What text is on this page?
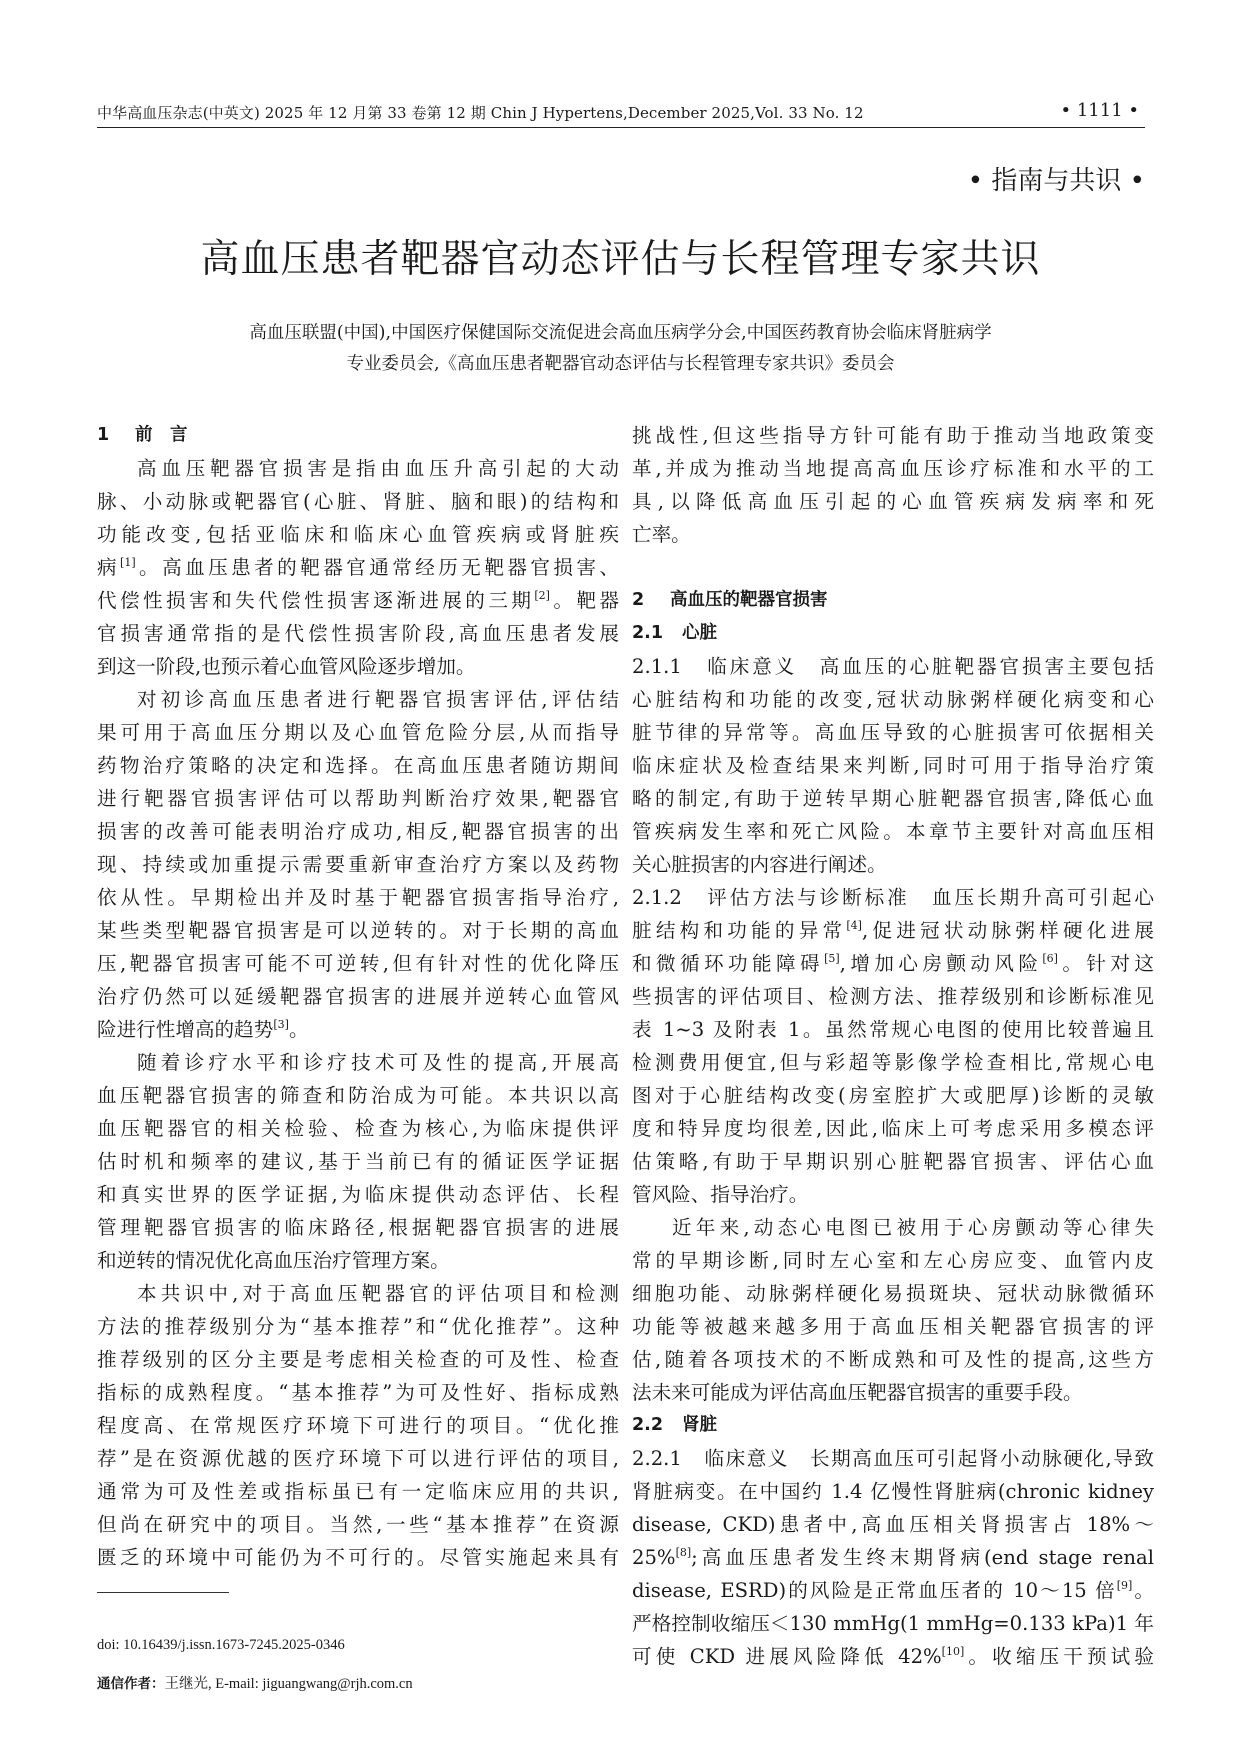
中华高血压杂志(中英文) 2025 年 12 月第 33 卷第 12 期 Chin J Hypertens,December 2025,Vol. 33 No. 12	• 1111 •
• 指南与共识 •
高血压患者靶器官动态评估与长程管理专家共识
高血压联盟(中国),中国医疗保健国际交流促进会高血压病学分会,中国医药教育协会临床肾脏病学
专业委员会,《高血压患者靶器官动态评估与长程管理专家共识》委员会
1 前　言
高血压靶器官损害是指由血压升高引起的大动
脉、小动脉或靶器官(心脏、肾脏、脑和眼)的结构和
功能改变,包括亚临床和临床心血管疾病或肾脏疾
病[1]。高血压患者的靶器官通常经历无靶器官损害、
代偿性损害和失代偿性损害逐渐进展的三期[2]。靶器
官损害通常指的是代偿性损害阶段,高血压患者发展
到这一阶段,也预示着心血管风险逐步增加。
对初诊高血压患者进行靶器官损害评估,评估结
果可用于高血压分期以及心血管危险分层,从而指导
药物治疗策略的决定和选择。在高血压患者随访期间
进行靶器官损害评估可以帮助判断治疗效果,靶器官
损害的改善可能表明治疗成功,相反,靶器官损害的出
现、持续或加重提示需要重新审查治疗方案以及药物
依从性。早期检出并及时基于靶器官损害指导治疗,
某些类型靶器官损害是可以逆转的。对于长期的高血
压,靶器官损害可能不可逆转,但有针对性的优化降压
治疗仍然可以延缓靶器官损害的进展并逆转心血管风
险进行性增高的趋势[3]。
随着诊疗水平和诊疗技术可及性的提高,开展高
血压靶器官损害的筛查和防治成为可能。本共识以高
血压靶器官的相关检验、检查为核心,为临床提供评
估时机和频率的建议,基于当前已有的循证医学证据
和真实世界的医学证据,为临床提供动态评估、长程
管理靶器官损害的临床路径,根据靶器官损害的进展
和逆转的情况优化高血压治疗管理方案。
本共识中,对于高血压靶器官的评估项目和检测
方法的推荐级别分为“基本推荐”和“优化推荐”。这种
推荐级别的区分主要是考虑相关检查的可及性、检查
指标的成熟程度。“基本推荐”为可及性好、指标成熟
程度高、在常规医疗环境下可进行的项目。“优化推
荐”是在资源优越的医疗环境下可以进行评估的项目,
通常为可及性差或指标虽已有一定临床应用的共识,
但尚在研究中的项目。当然,一些“基本推荐”在资源
匮乏的环境中可能仍为不可行的。尽管实施起来具有
挑战性,但这些指导方针可能有助于推动当地政策变
革,并成为推动当地提高高血压诊疗标准和水平的工
具,以降低高血压引起的心血管疾病发病率和死
亡率。
2 高血压的靶器官损害
2.1 心脏
2.1.1　临床意义　高血压的心脏靶器官损害主要包括
心脏结构和功能的改变,冠状动脉粥样硬化病变和心
脏节律的异常等。高血压导致的心脏损害可依据相关
临床症状及检查结果来判断,同时可用于指导治疗策
略的制定,有助于逆转早期心脏靶器官损害,降低心血
管疾病发生率和死亡风险。本章节主要针对高血压相
关心脏损害的内容进行阐述。
2.1.2　评估方法与诊断标准　血压长期升高可引起心
脏结构和功能的异常[4],促进冠状动脉粥样硬化进展
和微循环功能障碍[5],增加心房颤动风险[6]。针对这
些损害的评估项目、检测方法、推荐级别和诊断标准见
表 1~3 及附表 1。虽然常规心电图的使用比较普遍且
检测费用便宜,但与彩超等影像学检查相比,常规心电
图对于心脏结构改变(房室腔扩大或肥厚)诊断的灵敏
度和特异度均很差,因此,临床上可考虑采用多模态评
估策略,有助于早期识别心脏靶器官损害、评估心血
管风险、指导治疗。
近年来,动态心电图已被用于心房颤动等心律失
常的早期诊断,同时左心室和左心房应变、血管内皮
细胞功能、动脉粥样硬化易损斑块、冠状动脉微循环
功能等被越来越多用于高血压相关靶器官损害的评
估,随着各项技术的不断成熟和可及性的提高,这些方
法未来可能成为评估高血压靶器官损害的重要手段。
2.2 肾脏
2.2.1　临床意义　长期高血压可引起肾小动脉硬化,导致
肾脏病变。在中国约 1.4 亿慢性肾脏病(chronic kidney
disease, CKD)患者中,高血压相关肾损害占 18%～
25%[8];高血压患者发生终末期肾病(end stage renal
disease, ESRD)的风险是正常血压者的 10～15 倍[9]。
严格控制收缩压＜130 mmHg(1 mmHg=0.133 kPa)1 年
可使 CKD 进展风险降低 42%[10]。收缩压干预试验
doi: 10.16439/j.issn.1673-7245.2025-0346
通信作者：王继光, E-mail: jiguangwang@rjh.com.cn
